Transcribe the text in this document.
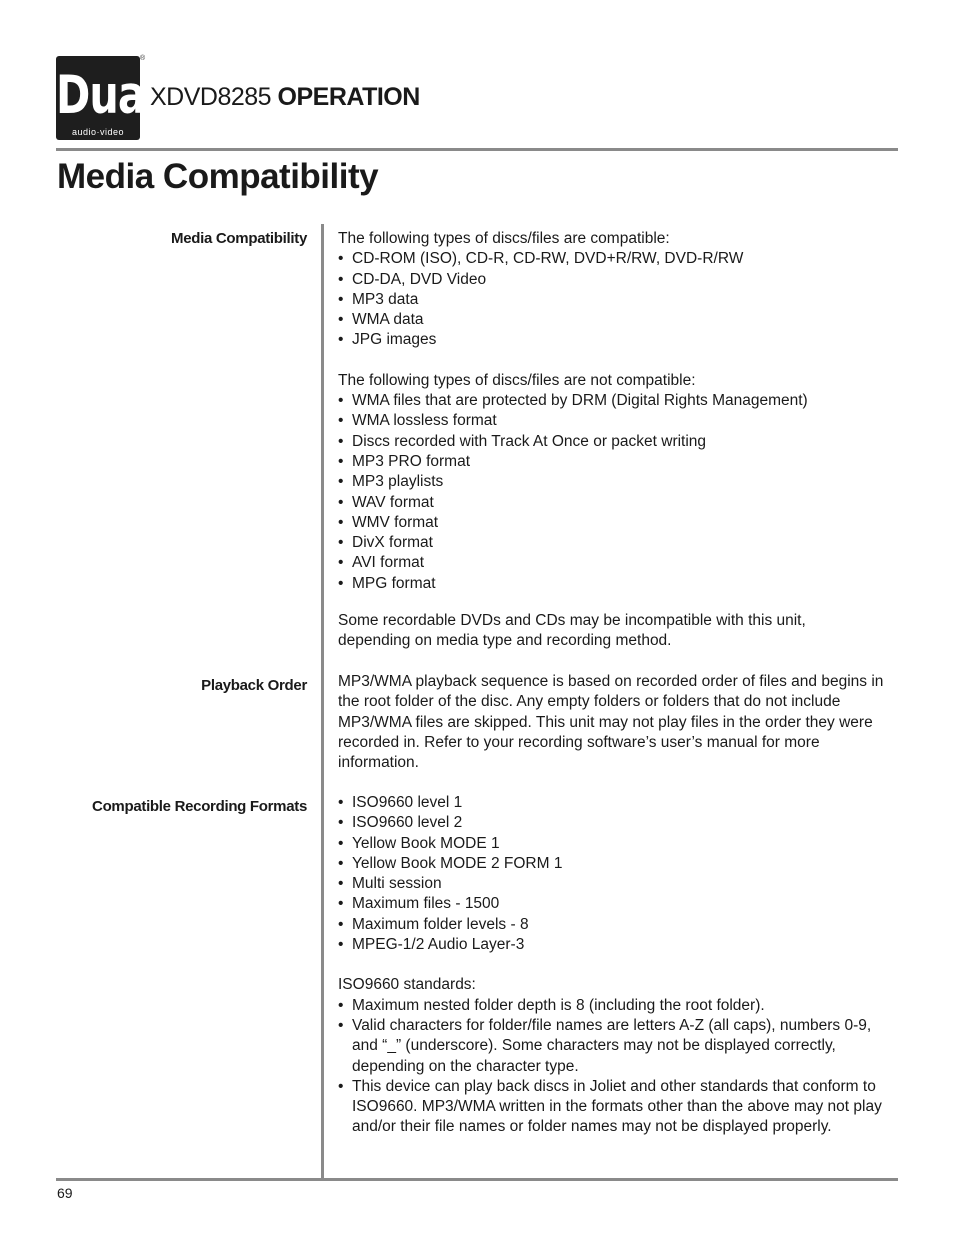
Dual
audio·video
®
XDVD8285 OPERATION
Media Compatibility
Media Compatibility
Playback Order
Compatible Recording Formats

The following types of discs/files are compatible:

• CD-ROM (ISO), CD-R, CD-RW, DVD+R/RW, DVD-R/RW
• CD-DA, DVD Video
• MP3 data
• WMA data
• JPG images

The following types of discs/files are not compatible:

• WMA files that are protected by DRM (Digital Rights Management)
• WMA lossless format
• Discs recorded with Track At Once or packet writing
• MP3 PRO format
• MP3 playlists
• WAV format
• WMV format
• DivX format
• AVI format
• MPG format

Some recordable DVDs and CDs may be incompatible with this unit, depending on media type and recording method.

MP3/WMA playback sequence is based on recorded order of files and begins in the root folder of the disc. Any empty folders or folders that do not include MP3/WMA files are skipped. This unit may not play files in the order they were recorded in. Refer to your recording software’s user’s manual for more information.

• ISO9660 level 1
• ISO9660 level 2
• Yellow Book MODE 1
• Yellow Book MODE 2 FORM 1
• Multi session
• Maximum files - 1500
• Maximum folder levels - 8
• MPEG-1/2 Audio Layer-3

ISO9660 standards:

• Maximum nested folder depth is 8 (including the root folder).
• Valid characters for folder/file names are letters A-Z (all caps), numbers 0-9, and “_” (underscore). Some characters may not be displayed correctly, depending on the character type.
• This device can play back discs in Joliet and other standards that conform to ISO9660. MP3/WMA written in the formats other than the above may not play and/or their file names or folder names may not be displayed properly.
69
